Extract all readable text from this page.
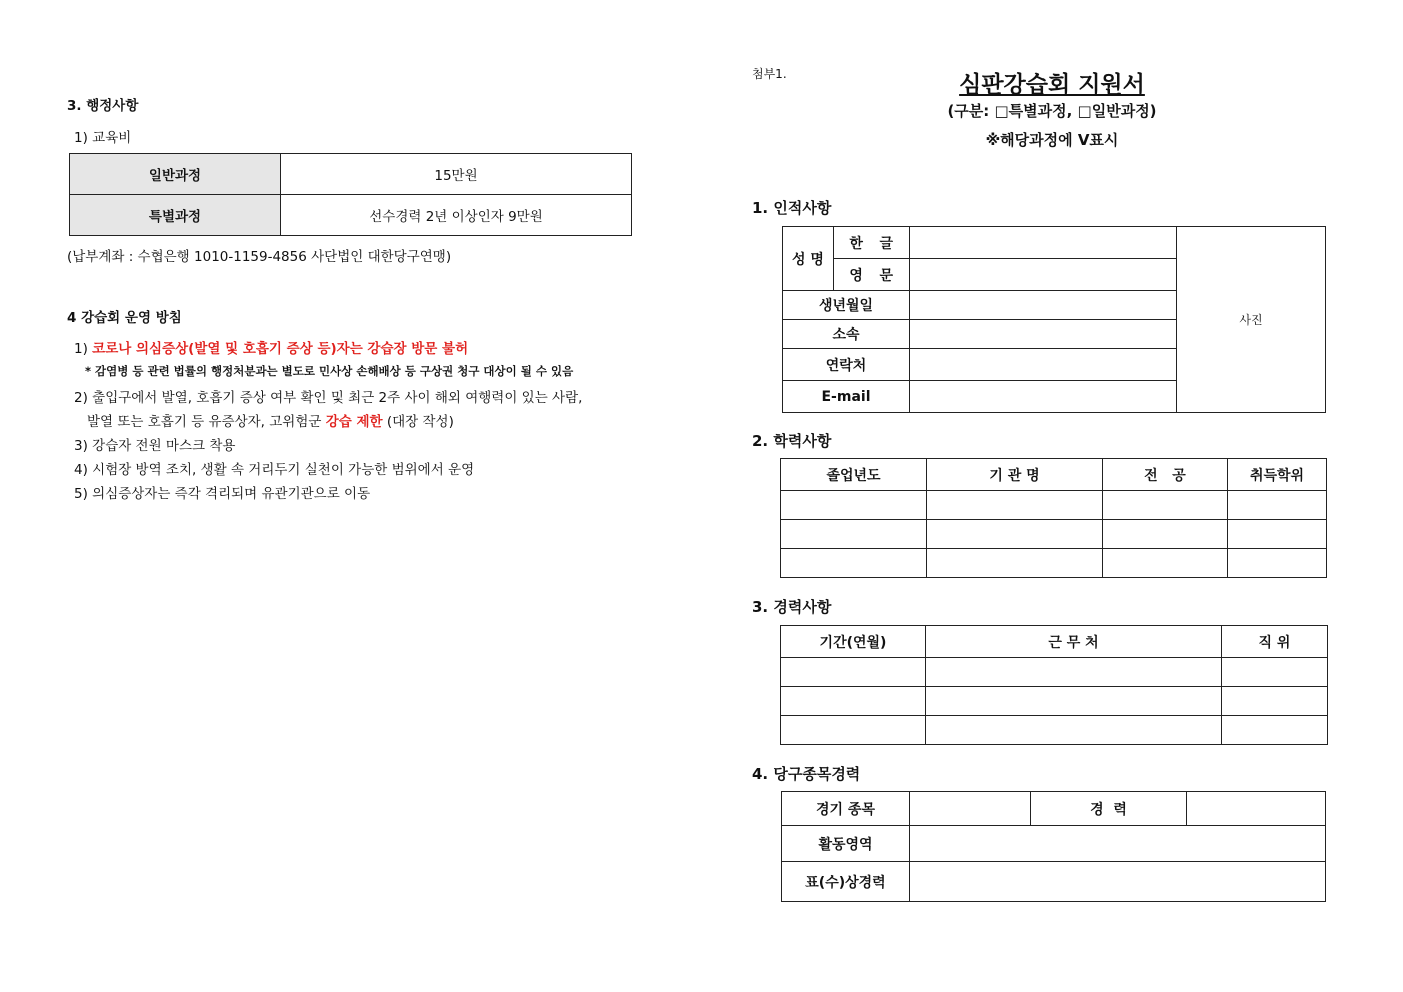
3. 행정사항
1) 교육비
일반과정	15만원
특별과정	선수경력 2년 이상인자 9만원
(납부계좌 : 수협은행 1010-1159-4856 사단법인 대한당구연맹)
4 강습회 운영 방침
1) 코로나 의심증상(발열 및 호흡기 증상 등)자는 강습장 방문 불허
* 감염병 등 관련 법률의 행정처분과는 별도로 민사상 손해배상 등 구상권 청구 대상이 될 수 있음
2) 출입구에서 발열, 호흡기 증상 여부 확인 및 최근 2주 사이 해외 여행력이 있는 사람,
발열 또는 호흡기 등 유증상자, 고위험군 강습 제한 (대장 작성)
3) 강습자 전원 마스크 착용
4) 시험장 방역 조치, 생활 속 거리두기 실천이 가능한 범위에서 운영
5) 의심증상자는 즉각 격리되며 유관기관으로 이동
첨부1.	심판강습회 지원서
(구분: □특별과정, □일반과정)
※해당과정에 V표시
1. 인적사항
성 명	한   글		사진
	영   문		
생년월일			
소속			
연락처			
E-mail			
2. 학력사항
졸업년도	기 관 명	전   공	취득학위

3. 경력사항
기간(연월)	근 무 처	직 위

4. 당구종목경력
경기 종목		경  력	
활동영역			
표(수)상경력			
